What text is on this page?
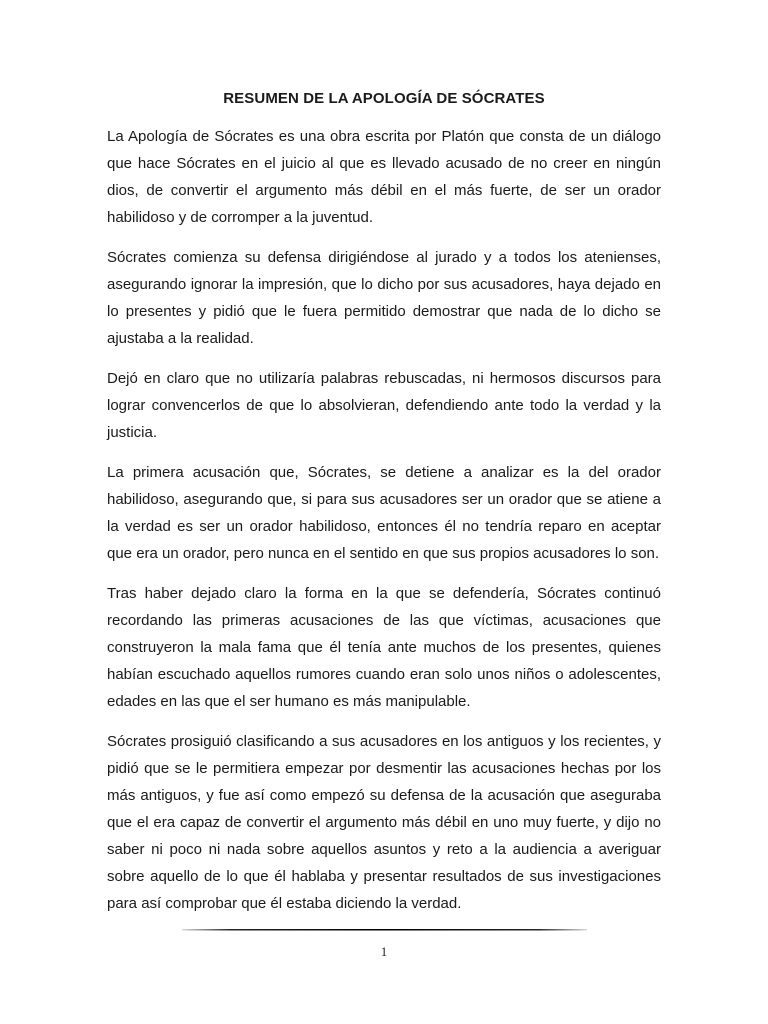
RESUMEN DE LA APOLOGÍA DE SÓCRATES

La Apología de Sócrates es una obra escrita por Platón que consta de un diálogo que hace Sócrates en el juicio al que es llevado acusado de no creer en ningún dios, de convertir el argumento más débil en el más fuerte, de ser un orador habilidoso y de corromper a la juventud.

Sócrates comienza su defensa dirigiéndose al jurado y a todos los atenienses, asegurando ignorar la impresión, que lo dicho por sus acusadores, haya dejado en lo presentes y pidió que le fuera permitido demostrar que nada de lo dicho se ajustaba a la realidad.

Dejó en claro que no utilizaría palabras rebuscadas, ni hermosos discursos para lograr convencerlos de que lo absolvieran, defendiendo ante todo la verdad y la justicia.

La primera acusación que, Sócrates, se detiene a analizar es la del orador habilidoso, asegurando que, si para sus acusadores ser un orador que se atiene a la verdad es ser un orador habilidoso, entonces él no tendría reparo en aceptar que era un orador, pero nunca en el sentido en que sus propios acusadores lo son.

Tras haber dejado claro la forma en la que se defendería, Sócrates continuó recordando las primeras acusaciones de las que víctimas, acusaciones que construyeron la mala fama que él tenía ante muchos de los presentes, quienes habían escuchado aquellos rumores cuando eran solo unos niños o adolescentes, edades en las que el ser humano es más manipulable.

Sócrates prosiguió clasificando a sus acusadores en los antiguos y los recientes, y pidió que se le permitiera empezar por desmentir las acusaciones hechas por los más antiguos, y fue así como empezó su defensa de la acusación que aseguraba que el era capaz de convertir el argumento más débil en uno muy fuerte, y dijo no saber ni poco ni nada sobre aquellos asuntos y reto a la audiencia a averiguar sobre aquello de lo que él hablaba y presentar resultados de sus investigaciones para así comprobar que él estaba diciendo la verdad.

1
